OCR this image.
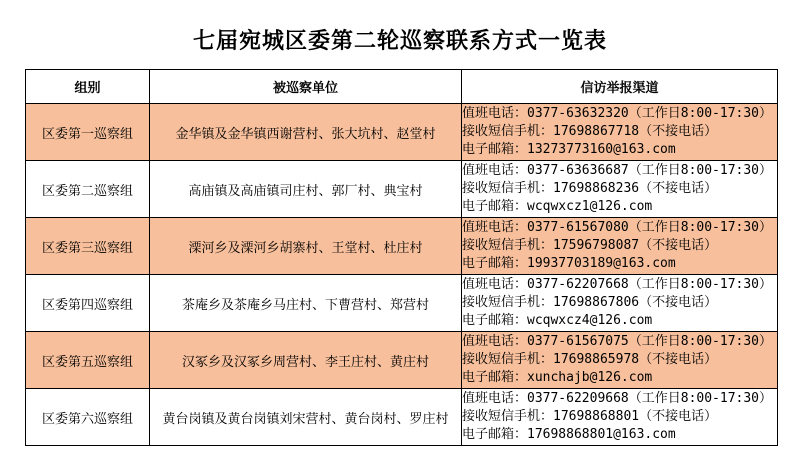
七届宛城区委第二轮巡察联系方式一览表
组别	被巡察单位	信访举报渠道
区委第一巡察组	金华镇及金华镇西谢营村、张大坑村、赵堂村	值班电话：0377-63632320（工作日8:00-17:30）
接收短信手机：17698867718（不接电话）
电子邮箱：13273773160@163.com

区委第二巡察组	高庙镇及高庙镇司庄村、郭厂村、典宝村	值班电话：0377-63636687（工作日8:00-17:30）
接收短信手机：17698868236（不接电话）
电子邮箱：wcqwxcz1@126.com

区委第三巡察组	溧河乡及溧河乡胡寨村、王堂村、杜庄村	值班电话：0377-61567080（工作日8:00-17:30）
接收短信手机：17596798087（不接电话）
电子邮箱：19937703189@163.com

区委第四巡察组	茶庵乡及茶庵乡马庄村、下曹营村、郑营村	值班电话：0377-62207668（工作日8:00-17:30）
接收短信手机：17698867806（不接电话）
电子邮箱：wcqwxcz4@126.com

区委第五巡察组	汉冢乡及汉冢乡周营村、李王庄村、黄庄村	值班电话：0377-61567075（工作日8:00-17:30）
接收短信手机：17698865978（不接电话）
电子邮箱：xunchajb@126.com

区委第六巡察组	黄台岗镇及黄台岗镇刘宋营村、黄台岗村、罗庄村	值班电话：0377-62209668（工作日8:00-17:30）
接收短信手机：17698868801（不接电话）
电子邮箱：17698868801@163.com
